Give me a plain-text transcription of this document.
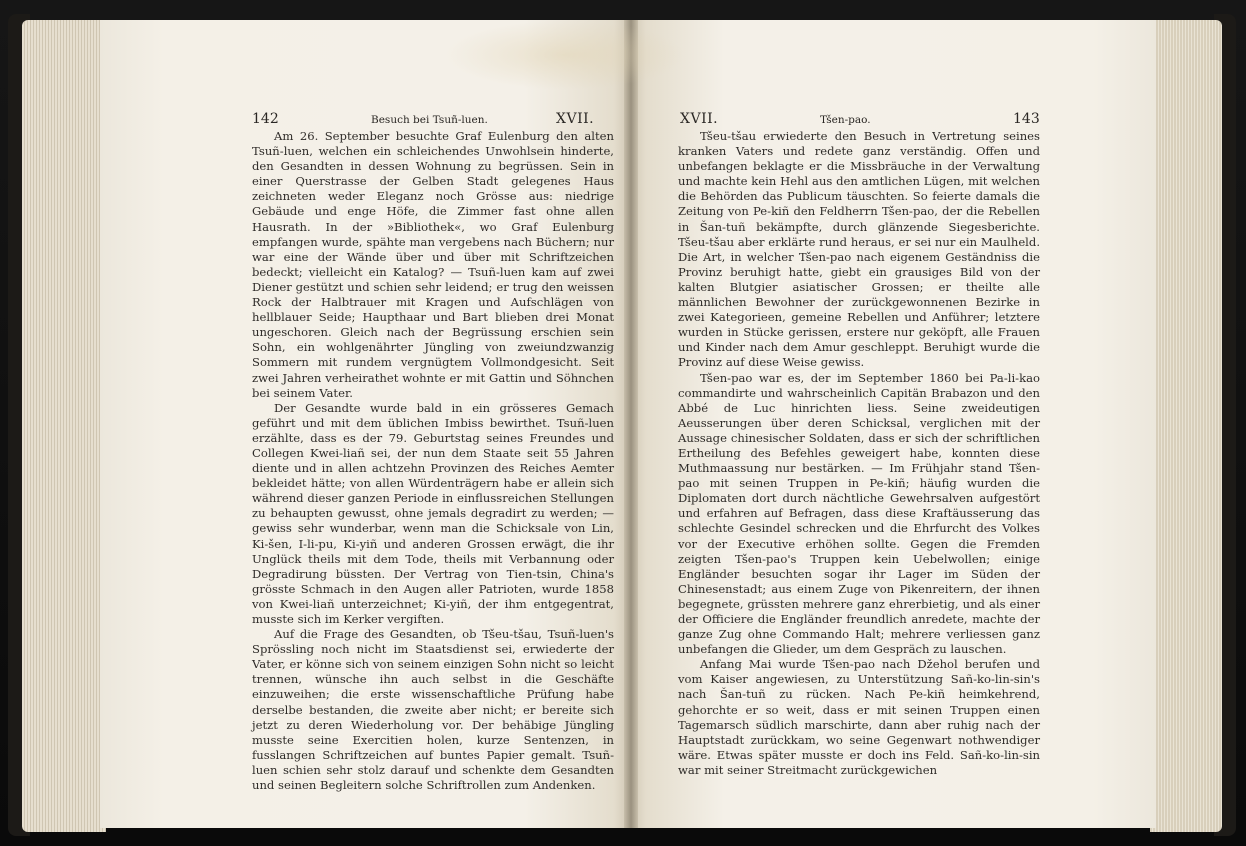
142	Besuch bei Tsuñ-luen.	XVII.	XVII.	Tšen-pao.	143

Am 26. September besuchte Graf Eulenburg den alten Tsuñ-luen, welchen ein schleichendes Unwohlsein hinderte, den Gesandten in dessen Wohnung zu begrüssen. Sein in einer Querstrasse der Gelben Stadt gelegenes Haus zeichneten weder Eleganz noch Grösse aus: niedrige Gebäude und enge Höfe, die Zimmer fast ohne allen Hausrath. In der »Bibliothek«, wo Graf Eulenburg empfangen wurde, spähte man vergebens nach Büchern; nur war eine der Wände über und über mit Schriftzeichen bedeckt; vielleicht ein Katalog? — Tsuñ-luen kam auf zwei Diener gestützt und schien sehr leidend; er trug den weissen Rock der Halbtrauer mit Kragen und Aufschlägen von hellblauer Seide; Haupthaar und Bart blieben drei Monat ungeschoren. Gleich nach der Begrüssung erschien sein Sohn, ein wohlgenährter Jüngling von zweiundzwanzig Sommern mit rundem vergnügtem Vollmondgesicht. Seit zwei Jahren verheirathet wohnte er mit Gattin und Söhnchen bei seinem Vater.

Der Gesandte wurde bald in ein grösseres Gemach geführt und mit dem üblichen Imbiss bewirthet. Tsuñ-luen erzählte, dass es der 79. Geburtstag seines Freundes und Collegen Kwei-liañ sei, der nun dem Staate seit 55 Jahren diente und in allen achtzehn Provinzen des Reiches Aemter bekleidet hätte; von allen Würdenträgern habe er allein sich während dieser ganzen Periode in einflussreichen Stellungen zu behaupten gewusst, ohne jemals degradirt zu werden; — gewiss sehr wunderbar, wenn man die Schicksale von Lin, Ki-šen, I-li-pu, Ki-yiñ und anderen Grossen erwägt, die ihr Unglück theils mit dem Tode, theils mit Verbannung oder Degradirung büssten. Der Vertrag von Tien-tsin, China's grösste Schmach in den Augen aller Patrioten, wurde 1858 von Kwei-liañ unterzeichnet; Ki-yiñ, der ihm entgegentrat, musste sich im Kerker vergiften.

Auf die Frage des Gesandten, ob Tšeu-tšau, Tsuñ-luen's Sprössling noch nicht im Staatsdienst sei, erwiederte der Vater, er könne sich von seinem einzigen Sohn nicht so leicht trennen, wünsche ihn auch selbst in die Geschäfte einzuweihen; die erste wissenschaftliche Prüfung habe derselbe bestanden, die zweite aber nicht; er bereite sich jetzt zu deren Wiederholung vor. Der behäbige Jüngling musste seine Exercitien holen, kurze Sentenzen, in fusslangen Schriftzeichen auf buntes Papier gemalt. Tsuñ-luen schien sehr stolz darauf und schenkte dem Gesandten und seinen Begleitern solche Schriftrollen zum Andenken.

Tšeu-tšau erwiederte den Besuch in Vertretung seines kranken Vaters und redete ganz verständig. Offen und unbefangen beklagte er die Missbräuche in der Verwaltung und machte kein Hehl aus den amtlichen Lügen, mit welchen die Behörden das Publicum täuschten. So feierte damals die Zeitung von Pe-kiñ den Feldherrn Tšen-pao, der die Rebellen in Šan-tuñ bekämpfte, durch glänzende Siegesberichte. Tšeu-tšau aber erklärte rund heraus, er sei nur ein Maulheld. Die Art, in welcher Tšen-pao nach eigenem Geständniss die Provinz beruhigt hatte, giebt ein grausiges Bild von der kalten Blutgier asiatischer Grossen; er theilte alle männlichen Bewohner der zurückgewonnenen Bezirke in zwei Kategorieen, gemeine Rebellen und Anführer; letztere wurden in Stücke gerissen, erstere nur geköpft, alle Frauen und Kinder nach dem Amur geschleppt. Beruhigt wurde die Provinz auf diese Weise gewiss.

Tšen-pao war es, der im September 1860 bei Pa-li-kao commandirte und wahrscheinlich Capitän Brabazon und den Abbé de Luc hinrichten liess. Seine zweideutigen Aeusserungen über deren Schicksal, verglichen mit der Aussage chinesischer Soldaten, dass er sich der schriftlichen Ertheilung des Befehles geweigert habe, konnten diese Muthmaassung nur bestärken. — Im Frühjahr stand Tšen-pao mit seinen Truppen in Pe-kiñ; häufig wurden die Diplomaten dort durch nächtliche Gewehrsalven aufgestört und erfahren auf Befragen, dass diese Kraftäusserung das schlechte Gesindel schrecken und die Ehrfurcht des Volkes vor der Executive erhöhen sollte. Gegen die Fremden zeigten Tšen-pao's Truppen kein Uebelwollen; einige Engländer besuchten sogar ihr Lager im Süden der Chinesenstadt; aus einem Zuge von Pikenreitern, der ihnen begegnete, grüssten mehrere ganz ehrerbietig, und als einer der Officiere die Engländer freundlich anredete, machte der ganze Zug ohne Commando Halt; mehrere verliessen ganz unbefangen die Glieder, um dem Gespräch zu lauschen.

Anfang Mai wurde Tšen-pao nach Džehol berufen und vom Kaiser angewiesen, zu Unterstützung Sañ-ko-lin-sin's nach Šan-tuñ zu rücken. Nach Pe-kiñ heimkehrend, gehorchte er so weit, dass er mit seinen Truppen einen Tagemarsch südlich marschirte, dann aber ruhig nach der Hauptstadt zurückkam, wo seine Gegenwart nothwendiger wäre. Etwas später musste er doch ins Feld. Sañ-ko-lin-sin war mit seiner Streitmacht zurückgewichen
